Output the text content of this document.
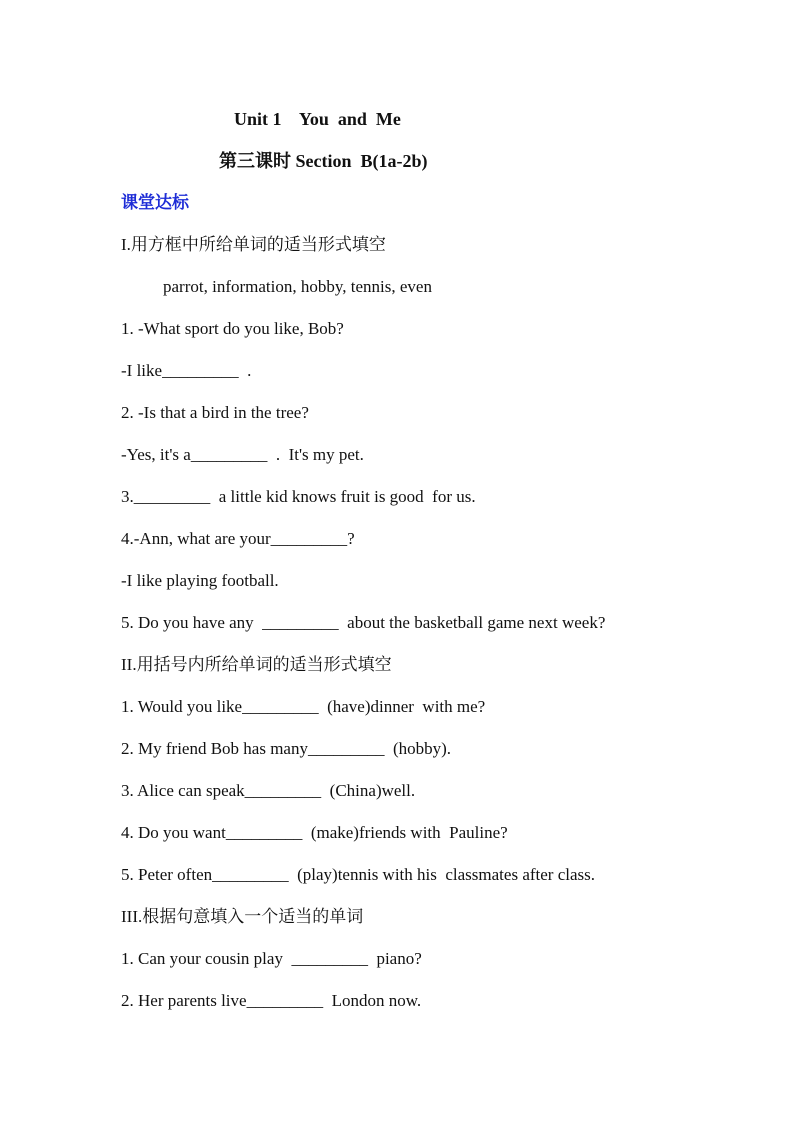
Unit 1    You  and  Me
第三课时 Section  B(1a-2b)
课堂达标
I.用方框中所给单词的适当形式填空
parrot, information, hobby, tennis, even
1. -What sport do you like, Bob?
-I like_________  .
2. -Is that a bird in the tree?
-Yes, it's a_________  .  It's my pet.
3._________  a little kid knows fruit is good  for us.
4.-Ann, what are your_________?
-I like playing football.
5. Do you have any  _________  about the basketball game next week?
II.用括号内所给单词的适当形式填空
1. Would you like_________  (have)dinner  with me?
2. My friend Bob has many_________  (hobby).
3. Alice can speak_________  (China)well.
4. Do you want_________  (make)friends with  Pauline?
5. Peter often_________  (play)tennis with his  classmates after class.
III.根据句意填入一个适当的单词
1. Can your cousin play  _________  piano?
2. Her parents live_________  London now.
